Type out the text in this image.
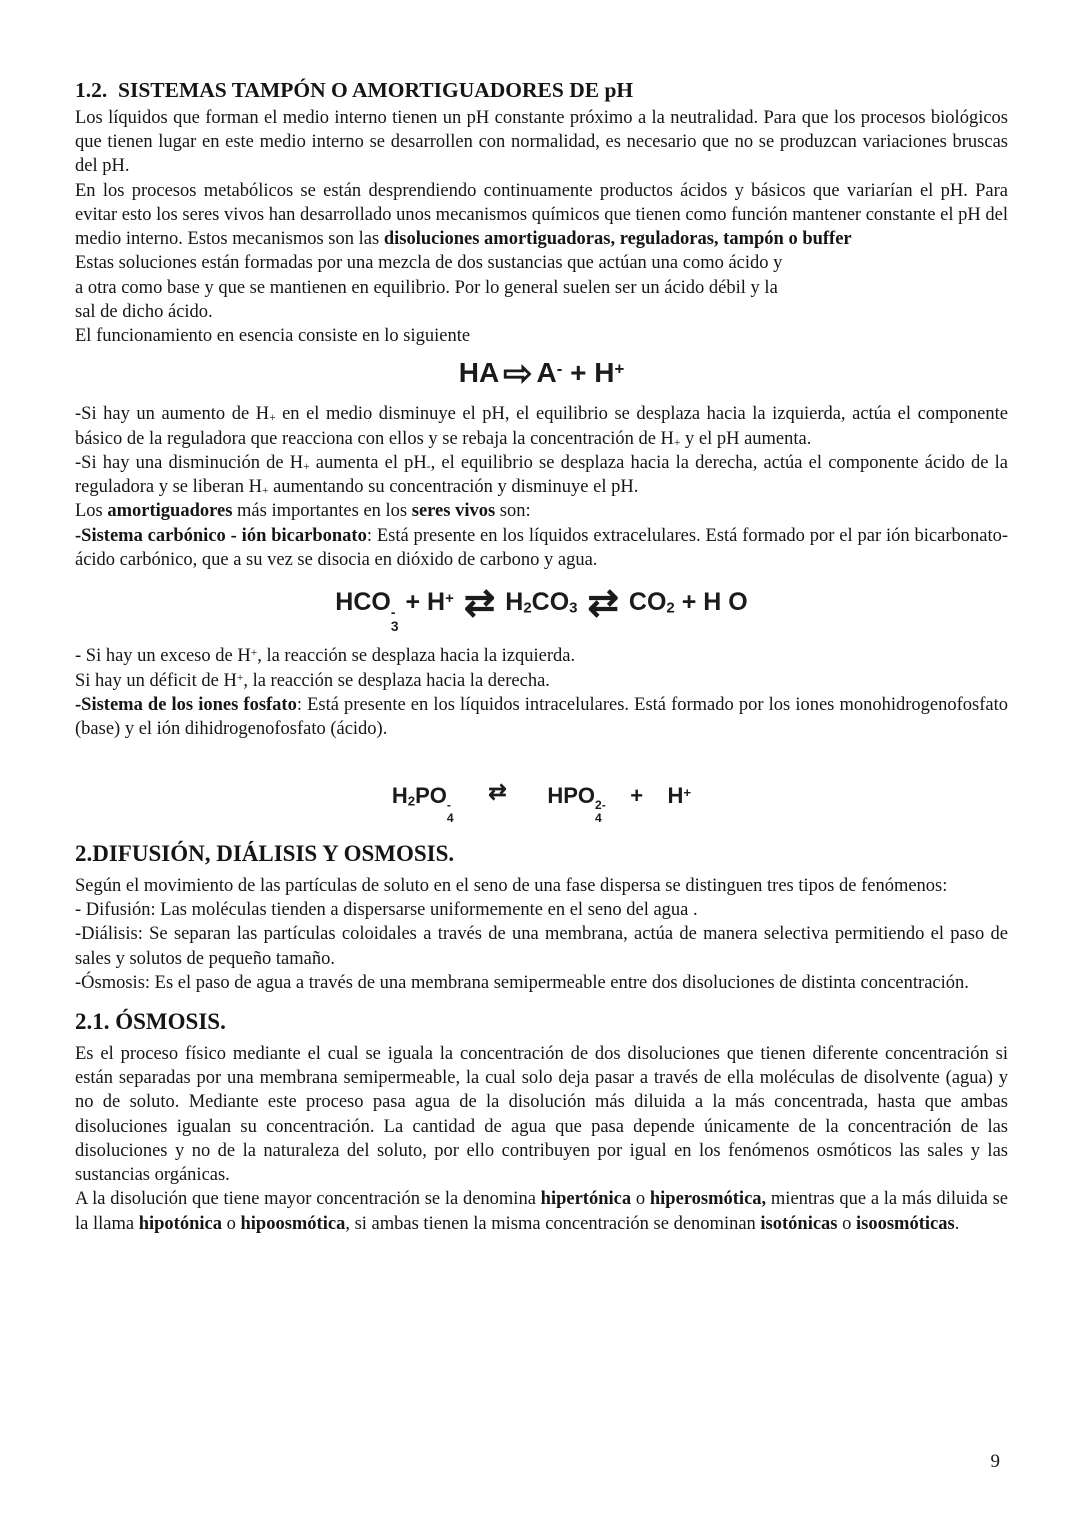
1.2.  SISTEMAS TAMPÓN O AMORTIGUADORES DE pH

Los líquidos que forman el medio interno tienen un pH constante próximo a la neutralidad. Para que los procesos biológicos que tienen lugar en este medio interno se desarrollen con normalidad, es necesario que no se produzcan variaciones bruscas del pH.

En los procesos metabólicos se están desprendiendo continuamente productos ácidos y básicos que variarían el pH. Para evitar esto los seres vivos han desarrollado unos mecanismos químicos que tienen como función mantener constante el pH del medio interno. Estos mecanismos son las disoluciones amortiguadoras, reguladoras, tampón o buffer

Estas soluciones están formadas por una mezcla de dos sustancias que actúan una como ácido y
a otra como base y que se mantienen en equilibrio. Por lo general suelen ser un ácido débil y la
sal de dicho ácido.

El funcionamiento en esencia consiste en lo siguiente

HA ⇨ A- + H+

-Si hay un aumento de $H_+$ en el medio disminuye el pH, el equilibrio se desplaza hacia la izquierda, actúa el componente básico de la reguladora que reacciona con ellos y se rebaja la concentración de $H_+$ y el pH aumenta.

-Si hay una disminución de $H_+$ aumenta el $pH_-$, el equilibrio se desplaza hacia la derecha, actúa el componente ácido de la reguladora y se liberan $H_+$ aumentando su concentración y disminuye el pH.

Los amortiguadores más importantes en los seres vivos son:

-Sistema carbónico - ión bicarbonato: Está presente en los líquidos extracelulares. Está formado por el par ión bicarbonato- ácido carbónico, que a su vez se disocia en dióxido de carbono y agua.

HCO -
3
+ H+ ⇄ $H_2CO_3$ ⇄ $CO_2 + H$ O

- Si hay un exceso de H+, la reacción se desplaza hacia la izquierda.

Si hay un déficit de H+, la reacción se desplaza hacia la derecha.

-Sistema de los iones fosfato: Está presente en los líquidos intracelulares. Está formado por los iones monohidrogenofosfato (base) y el ión dihidrogenofosfato (ácido).

$H_2PO$ -
4
⇄ HPO 2-
4
+    H+
2.DIFUSIÓN, DIÁLISIS Y OSMOSIS.

Según el movimiento de las partículas de soluto en el seno de una fase dispersa se distinguen tres tipos de fenómenos:

- Difusión: Las moléculas tienden a dispersarse uniformemente en el seno del agua .

-Diálisis: Se separan las partículas coloidales a través de una membrana, actúa de manera selectiva permitiendo el paso de sales y solutos de pequeño tamaño.

-Ósmosis: Es el paso de agua a través de una membrana semipermeable entre dos disoluciones de distinta concentración.

2.1. ÓSMOSIS.

Es el proceso físico mediante el cual se iguala la concentración de dos disoluciones que tienen diferente concentración si están separadas por una membrana semipermeable, la cual solo deja pasar a través de ella moléculas de disolvente (agua) y no de soluto. Mediante este proceso pasa agua de la disolución más diluida a la más concentrada, hasta que ambas disoluciones igualan su concentración. La cantidad de agua que pasa depende únicamente de la concentración de las disoluciones y no de la naturaleza del soluto, por ello contribuyen por igual en los fenómenos osmóticos las sales y las sustancias orgánicas.

A la disolución que tiene mayor concentración se la denomina hipertónica o hiperosmótica, mientras que a la más diluida se la llama hipotónica o hipoosmótica, si ambas tienen la misma concentración se denominan isotónicas o isoosmóticas.

9
